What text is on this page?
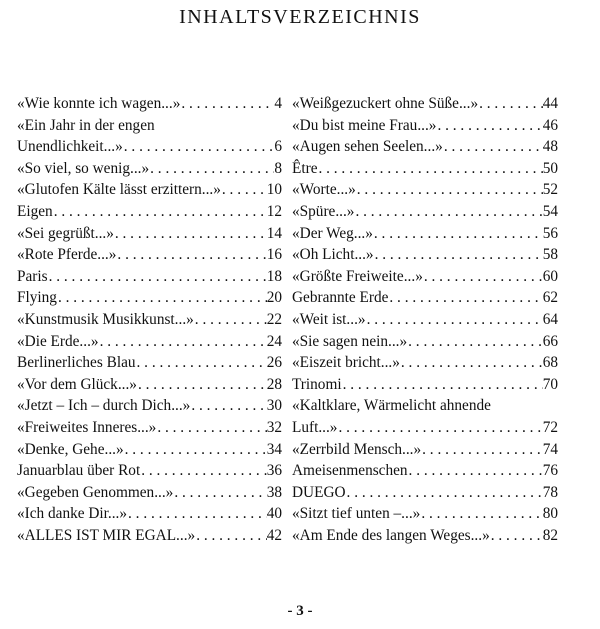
INHALTSVERZEICHNIS
«Wie konnte ich wagen...» . . .	4
«Ein Jahr in der engen
Unendlichkeit...» . . .	6
«So viel, so wenig...» . . .	8
«Glutofen Kälte lässt erzittern...» . . .	10
Eigen . . .	12
«Sei gegrüßt...» . . .	14
«Rote Pferde...» . . .	16
Paris . . .	18
Flying . . .	20
«Kunstmusik Musikkunst...» . . .	22
«Die Erde...» . . .	24
Berlinerliches Blau . . .	26
«Vor dem Glück...» . . .	28
«Jetzt – Ich – durch Dich...» . . .	30
«Freiweites Inneres...» . . .	32
«Denke, Gehe...» . . .	34
Januarblau über Rot . . .	36
«Gegeben Genommen...» . . .	38
«Ich danke Dir...» . . .	40
«ALLES IST MIR EGAL...» . . .	42
«Weißgezuckert ohne Süße...» . . .	44
«Du bist meine Frau...» . . .	46
«Augen sehen Seelen...» . . .	48
Être . . .	50
«Worte...» . . .	52
«Spüre...» . . .	54
«Der Weg...» . . .	56
«Oh Licht...» . . .	58
«Größte Freiweite...» . . .	60
Gebrannte Erde . . .	62
«Weit ist...» . . .	64
«Sie sagen nein...» . . .	66
«Eiszeit bricht...» . . .	68
Trinomi . . .	70
«Kaltklare, Wärmelicht ahnende
Luft...» . . .	72
«Zerrbild Mensch...» . . .	74
Ameisenmenschen . . .	76
DUEGO . . .	78
«Sitzt tief unten –...» . . .	80
«Am Ende des langen Weges...» . . .	82
- 3 -
